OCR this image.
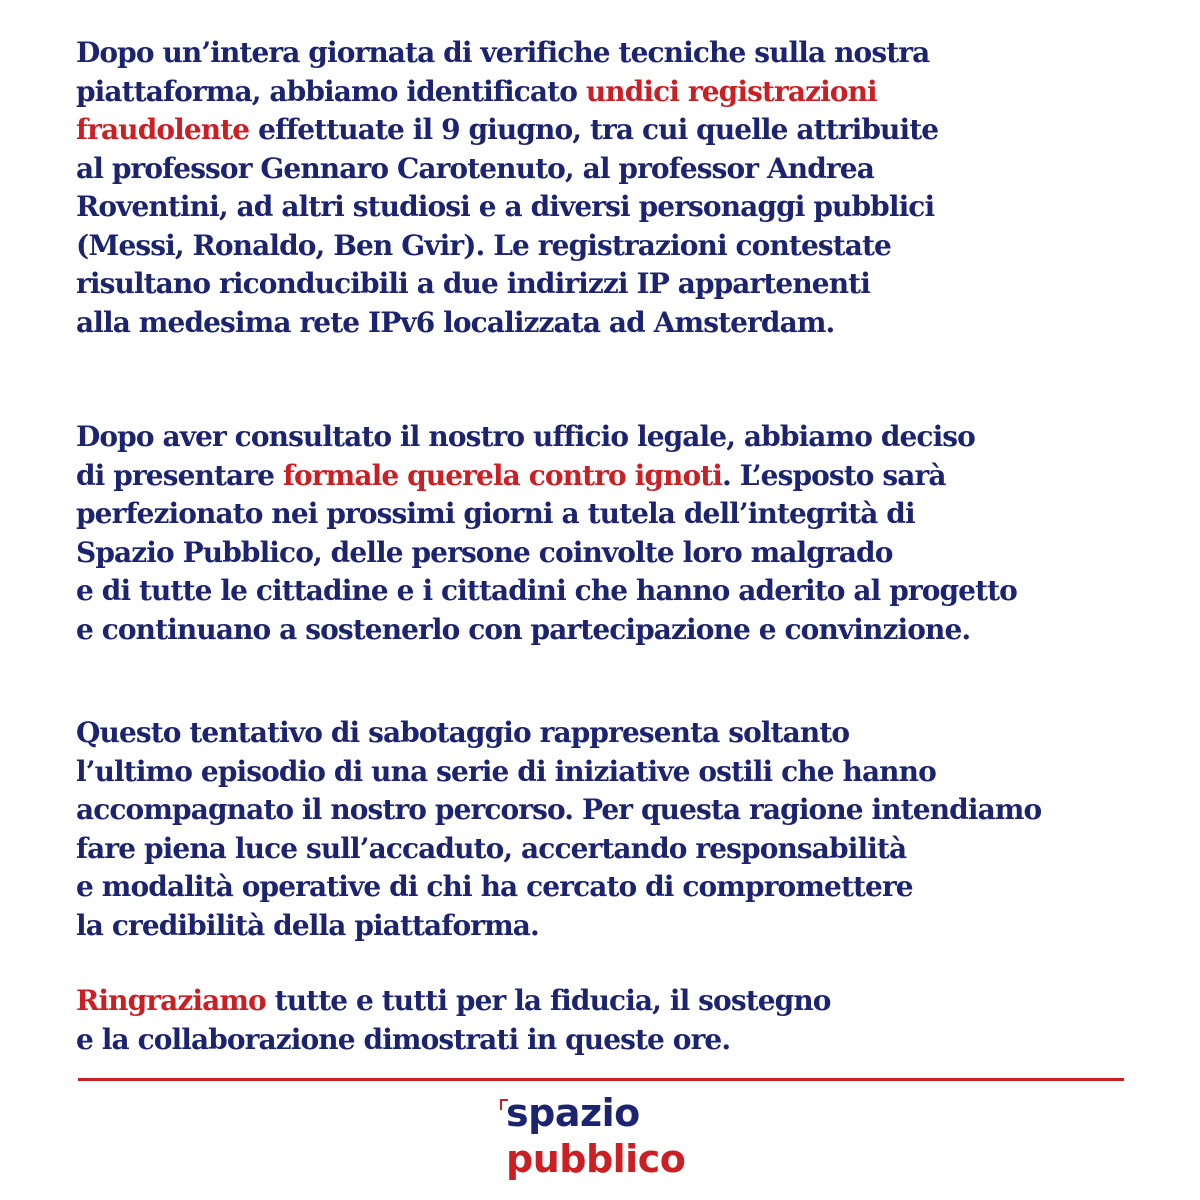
Dopo un’intera giornata di verifiche tecniche sulla nostra
piattaforma, abbiamo identificato undici registrazioni
fraudolente effettuate il 9 giugno, tra cui quelle attribuite
al professor Gennaro Carotenuto, al professor Andrea
Roventini, ad altri studiosi e a diversi personaggi pubblici
(Messi, Ronaldo, Ben Gvir). Le registrazioni contestate
risultano riconducibili a due indirizzi IP appartenenti
alla medesima rete IPv6 localizzata ad Amsterdam.

Dopo aver consultato il nostro ufficio legale, abbiamo deciso
di presentare formale querela contro ignoti. L’esposto sarà
perfezionato nei prossimi giorni a tutela dell’integrità di
Spazio Pubblico, delle persone coinvolte loro malgrado
e di tutte le cittadine e i cittadini che hanno aderito al progetto
e continuano a sostenerlo con partecipazione e convinzione.

Questo tentativo di sabotaggio rappresenta soltanto
l’ultimo episodio di una serie di iniziative ostili che hanno
accompagnato il nostro percorso. Per questa ragione intendiamo
fare piena luce sull’accaduto, accertando responsabilità
e modalità operative di chi ha cercato di compromettere
la credibilità della piattaforma.

Ringraziamo tutte e tutti per la fiducia, il sostegno
e la collaborazione dimostrati in queste ore.

spazio
pubblico
